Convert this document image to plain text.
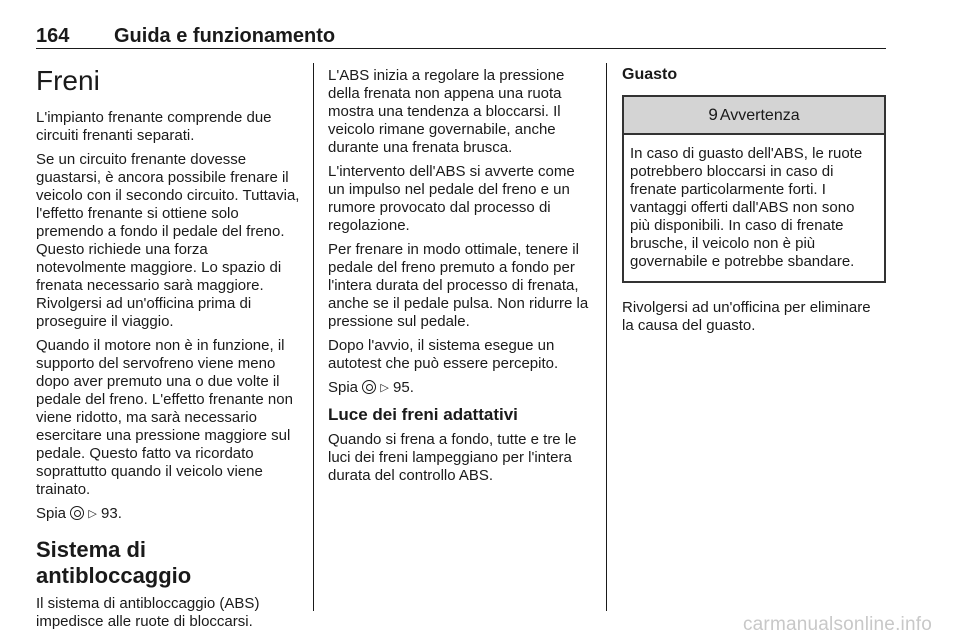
164 Guida e funzionamento
Freni

L'impianto frenante comprende due circuiti frenanti separati.

Se un circuito frenante dovesse guastarsi, è ancora possibile frenare il veicolo con il secondo circuito. Tuttavia, l'effetto frenante si ottiene solo premendo a fondo il pedale del freno. Questo richiede una forza notevolmente maggiore. Lo spazio di frenata necessario sarà maggiore. Rivolgersi ad un'officina prima di proseguire il viaggio.

Quando il motore non è in funzione, il supporto del servofreno viene meno dopo aver premuto una o due volte il pedale del freno. L'effetto frenante non viene ridotto, ma sarà necessario esercitare una pressione maggiore sul pedale. Questo fatto va ricordato soprattutto quando il veicolo viene trainato.

Spia ▷ 93.

Sistema di antibloccaggio

Il sistema di antibloccaggio (ABS) impedisce alle ruote di bloccarsi.

L'ABS inizia a regolare la pressione della frenata non appena una ruota mostra una tendenza a bloccarsi. Il veicolo rimane governabile, anche durante una frenata brusca.

L'intervento dell'ABS si avverte come un impulso nel pedale del freno e un rumore provocato dal processo di regolazione.

Per frenare in modo ottimale, tenere il pedale del freno premuto a fondo per l'intera durata del processo di frenata, anche se il pedale pulsa. Non ridurre la pressione sul pedale.

Dopo l'avvio, il sistema esegue un autotest che può essere percepito.

Spia ▷ 95.

Luce dei freni adattativi

Quando si frena a fondo, tutte e tre le luci dei freni lampeggiano per l'intera durata del controllo ABS.

Guasto
9 Avvertenza
In caso di guasto dell'ABS, le ruote potrebbero bloccarsi in caso di frenate particolarmente forti. I vantaggi offerti dall'ABS non sono più disponibili. In caso di frenate brusche, il veicolo non è più governabile e potrebbe sbandare.

Rivolgersi ad un'officina per eliminare la causa del guasto.

carmanualsonline.info
